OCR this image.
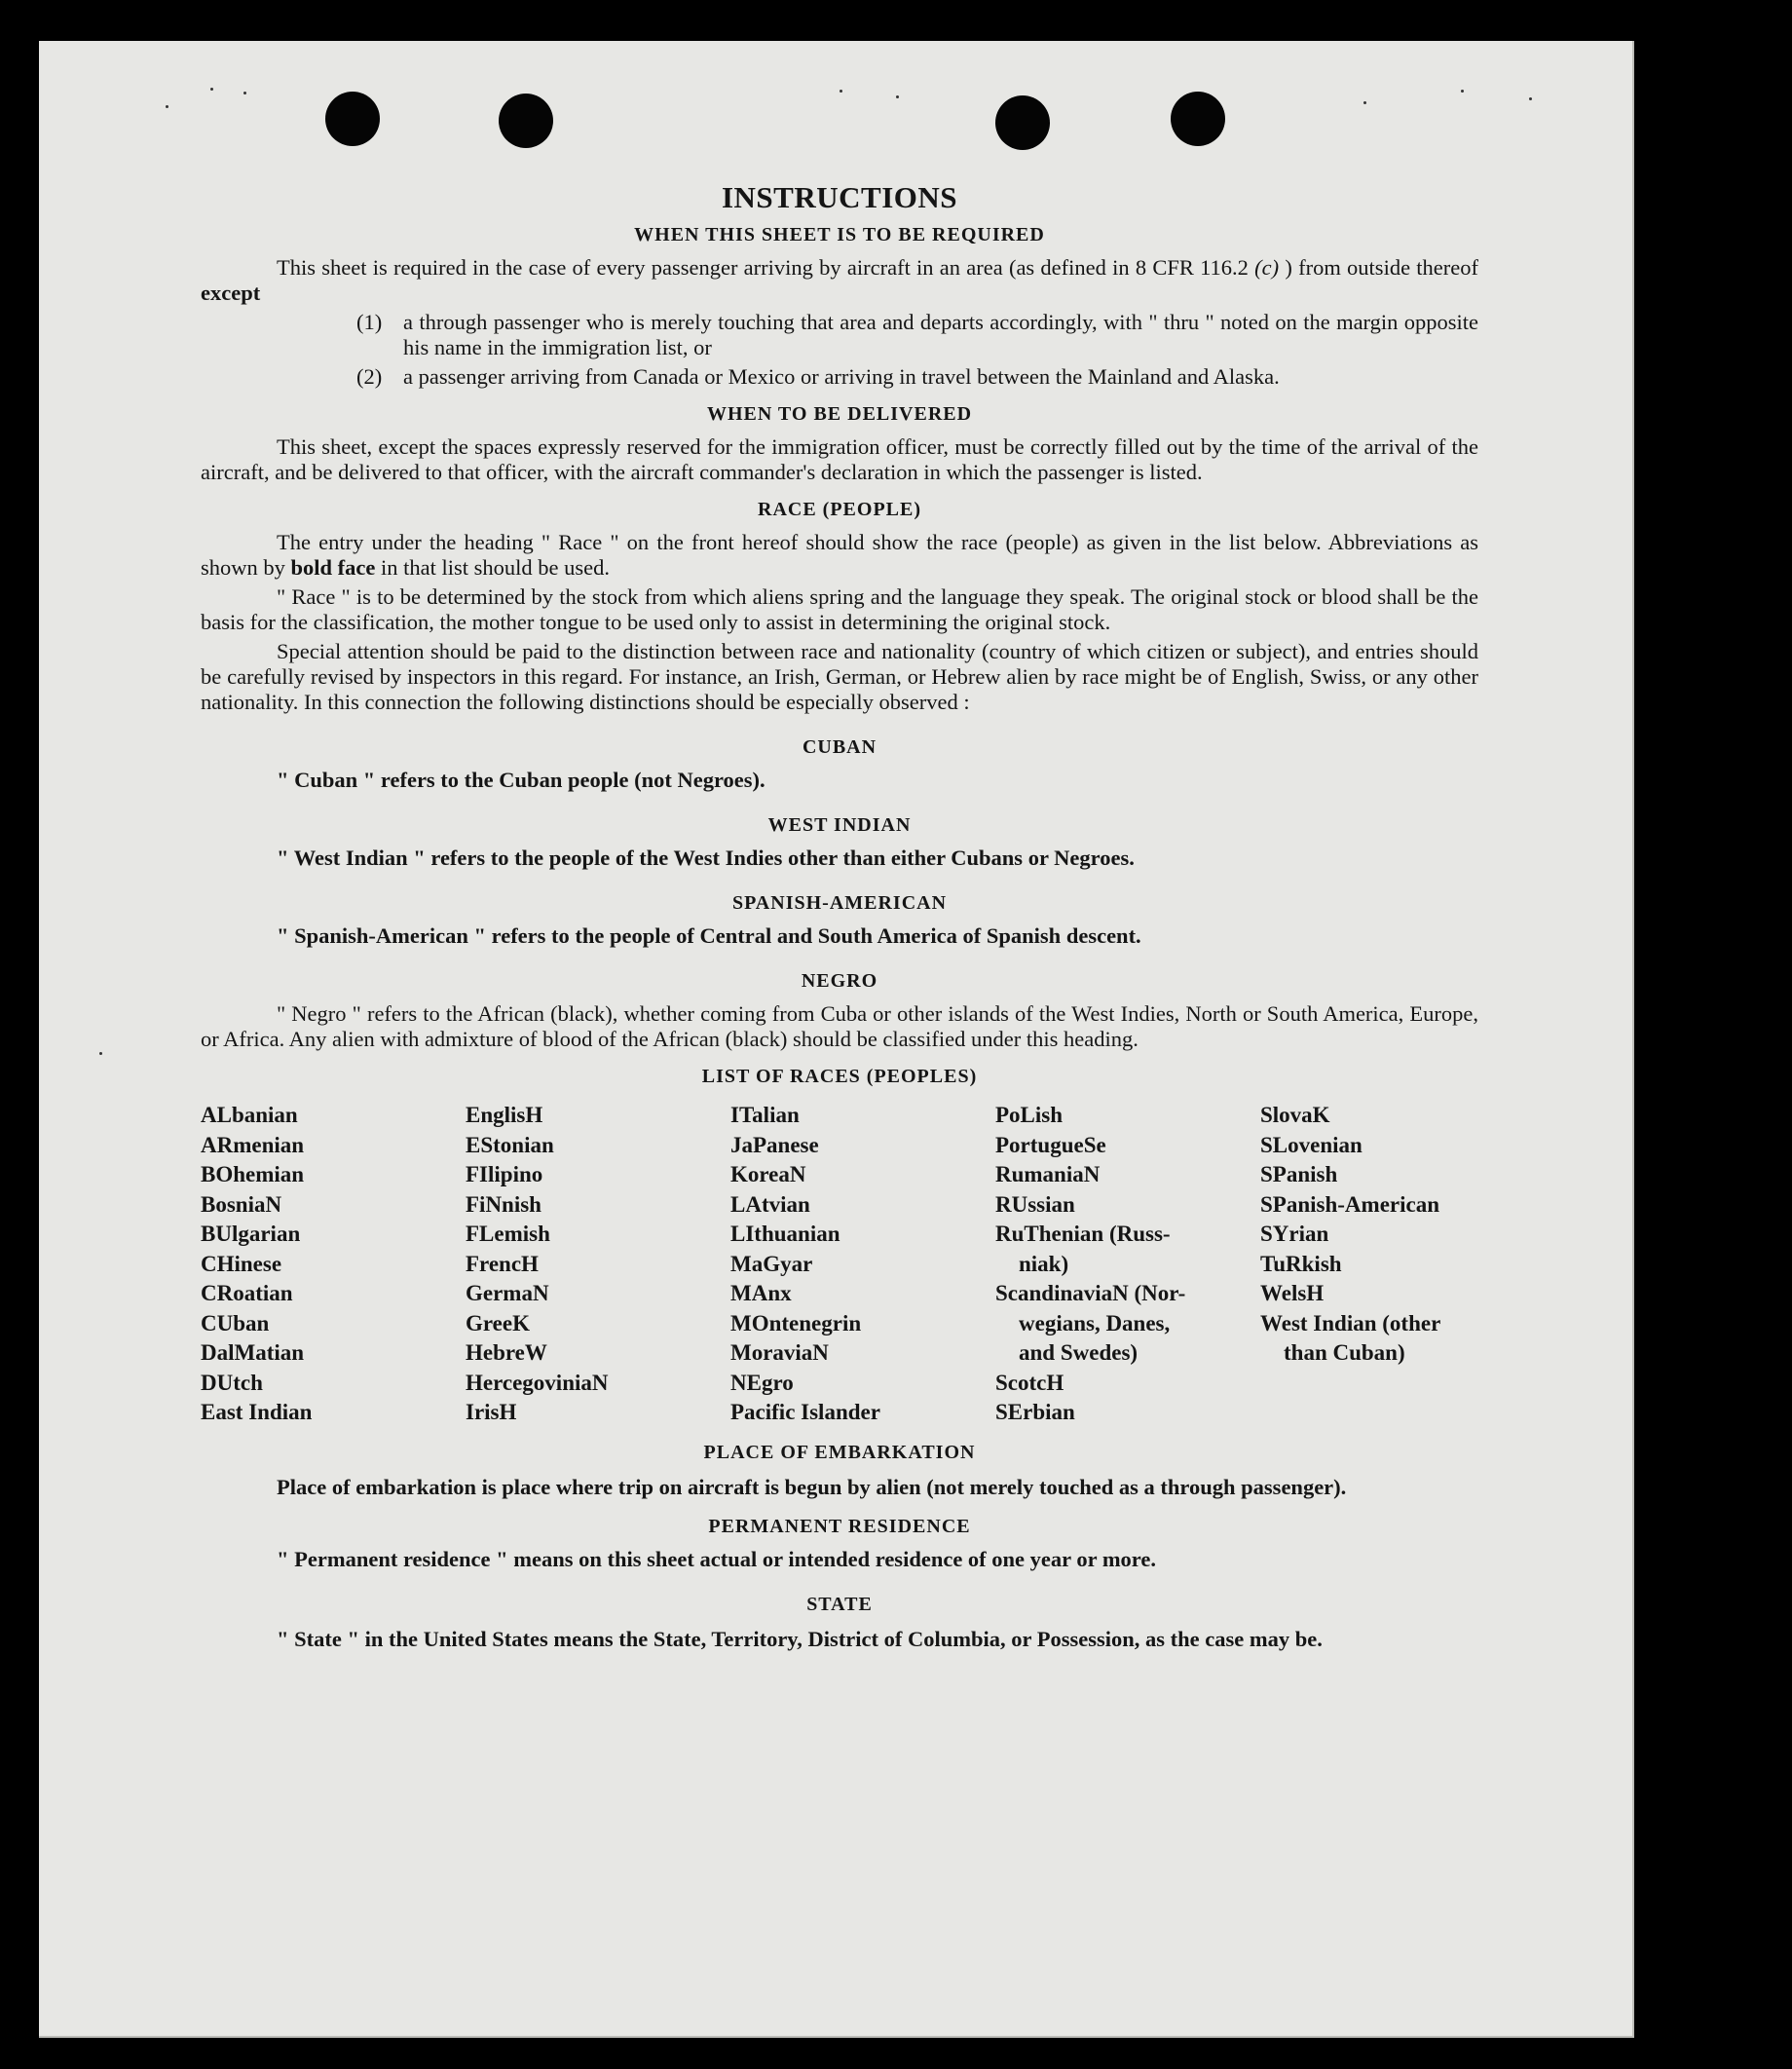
INSTRUCTIONS
WHEN THIS SHEET IS TO BE REQUIRED
This sheet is required in the case of every passenger arriving by aircraft in an area (as defined in 8 CFR 116.2 (c) ) from outside thereof except
(1) a through passenger who is merely touching that area and departs accordingly, with " thru " noted on the margin opposite his name in the immigration list, or
(2) a passenger arriving from Canada or Mexico or arriving in travel between the Mainland and Alaska.
WHEN TO BE DELIVERED
This sheet, except the spaces expressly reserved for the immigration officer, must be correctly filled out by the time of the arrival of the aircraft, and be delivered to that officer, with the aircraft commander's declaration in which the passenger is listed.
RACE (PEOPLE)
The entry under the heading " Race " on the front hereof should show the race (people) as given in the list below. Abbreviations as shown by bold face in that list should be used.
" Race " is to be determined by the stock from which aliens spring and the language they speak. The original stock or blood shall be the basis for the classification, the mother tongue to be used only to assist in determining the original stock.
Special attention should be paid to the distinction between race and nationality (country of which citizen or subject), and entries should be carefully revised by inspectors in this regard. For instance, an Irish, German, or Hebrew alien by race might be of English, Swiss, or any other nationality. In this connection the following distinctions should be especially observed :
CUBAN
" Cuban " refers to the Cuban people (not Negroes).
WEST INDIAN
" West Indian " refers to the people of the West Indies other than either Cubans or Negroes.
SPANISH-AMERICAN
" Spanish-American " refers to the people of Central and South America of Spanish descent.
NEGRO
" Negro " refers to the African (black), whether coming from Cuba or other islands of the West Indies, North or South America, Europe, or Africa. Any alien with admixture of blood of the African (black) should be classified under this heading.
LIST OF RACES (PEOPLES)
ALbanian
ARmenian
BOhemian
BosniaN
BUlgarian
CHinese
CRoatian
CUban
DalMatian
DUtch
East Indian
EnglisH
EStonian
FIlipino
FiNnish
FLemish
FrencH
GermaN
GreeK
HebreW
HercegoviniaN
IrisH
ITalian
JaPanese
KoreaN
LAtvian
LIthuanian
MaGyar
MAnx
MOntenegrin
MoraviaN
NEgro
Pacific Islander
PoLish
PortugueSe
RumaniaN
RUssian
RuThenian (Russ-
niak)
ScandinaviaN (Nor-
wegians, Danes,
and Swedes)
ScotcH
SErbian
SlovaK
SLovenian
SPanish
SPanish-American
SYrian
TuRkish
WelsH
West Indian (other
than Cuban)
PLACE OF EMBARKATION
Place of embarkation is place where trip on aircraft is begun by alien (not merely touched as a through passenger).
PERMANENT RESIDENCE
" Permanent residence " means on this sheet actual or intended residence of one year or more.
STATE
" State " in the United States means the State, Territory, District of Columbia, or Possession, as the case may be.
